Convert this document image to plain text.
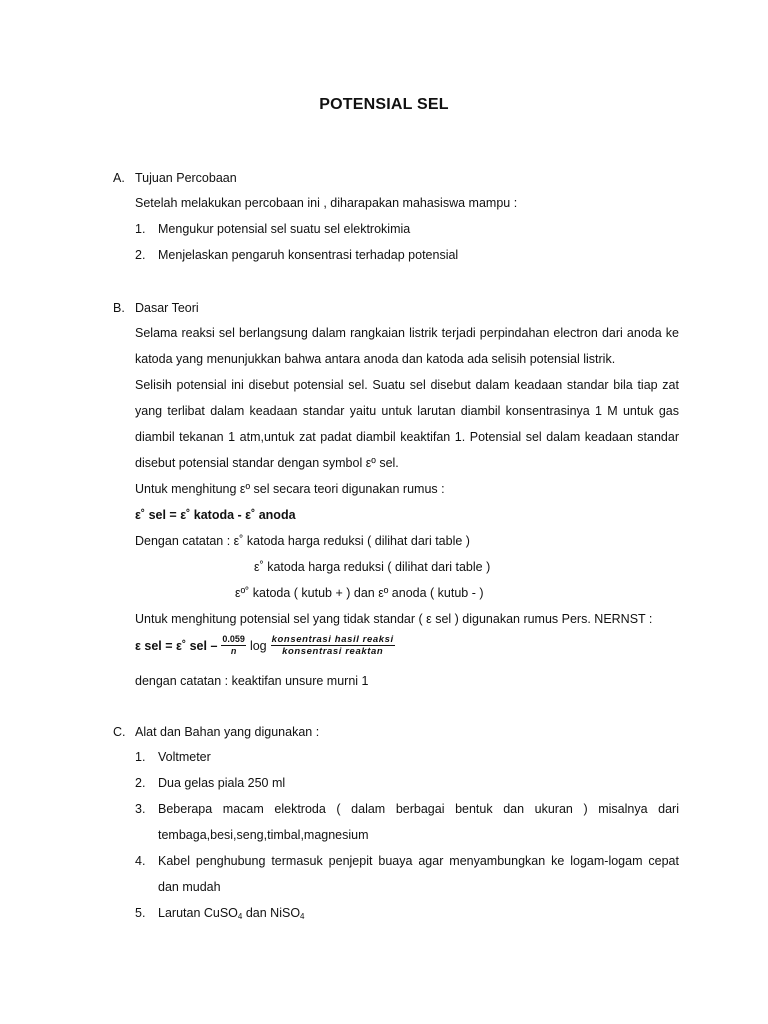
POTENSIAL SEL
A. Tujuan Percobaan
Setelah melakukan percobaan ini , diharapakan mahasiswa mampu :
1. Mengukur potensial sel suatu sel elektrokimia
2. Menjelaskan pengaruh konsentrasi terhadap potensial
B. Dasar Teori
Selama reaksi sel berlangsung dalam rangkaian listrik terjadi perpindahan electron dari anoda ke
katoda yang menunjukkan bahwa antara anoda dan katoda ada selisih potensial listrik.
Selisih potensial ini disebut potensial sel. Suatu sel disebut dalam keadaan standar bila tiap zat
yang terlibat dalam keadaan standar yaitu untuk larutan diambil konsentrasinya 1 M untuk gas
diambil tekanan 1 atm,untuk zat padat diambil keaktifan 1. Potensial sel dalam keadaan standar
disebut potensial standar dengan symbol εº sel.
Untuk menghitung εº sel secara teori digunakan rumus :
ε˚ sel = ε˚ katoda - ε˚ anoda
Dengan catatan : ε˚ katoda harga reduksi ( dilihat dari table )
ε˚ katoda harga reduksi ( dilihat dari table )
εº˚ katoda ( kutub + ) dan εº anoda ( kutub - )
Untuk menghitung potensial sel yang tidak standar ( ε sel ) digunakan rumus Pers. NERNST :
ε sel = ε˚ sel – $\frac{0.059}{n}$ $\log \frac{\text{konsentrasi hasil reaksi}}{\text{konsentrasi reaktan}}$
dengan catatan : keaktifan unsure murni 1
C. Alat dan Bahan yang digunakan :
1. Voltmeter
2. Dua gelas piala 250 ml
3. Beberapa macam elektroda ( dalam berbagai bentuk dan ukuran ) misalnya dari
tembaga,besi,seng,timbal,magnesium
4. Kabel penghubung termasuk penjepit buaya agar menyambungkan ke logam-logam cepat
dan mudah
5. Larutan CuSO$_4$ dan NiSO$_4$
